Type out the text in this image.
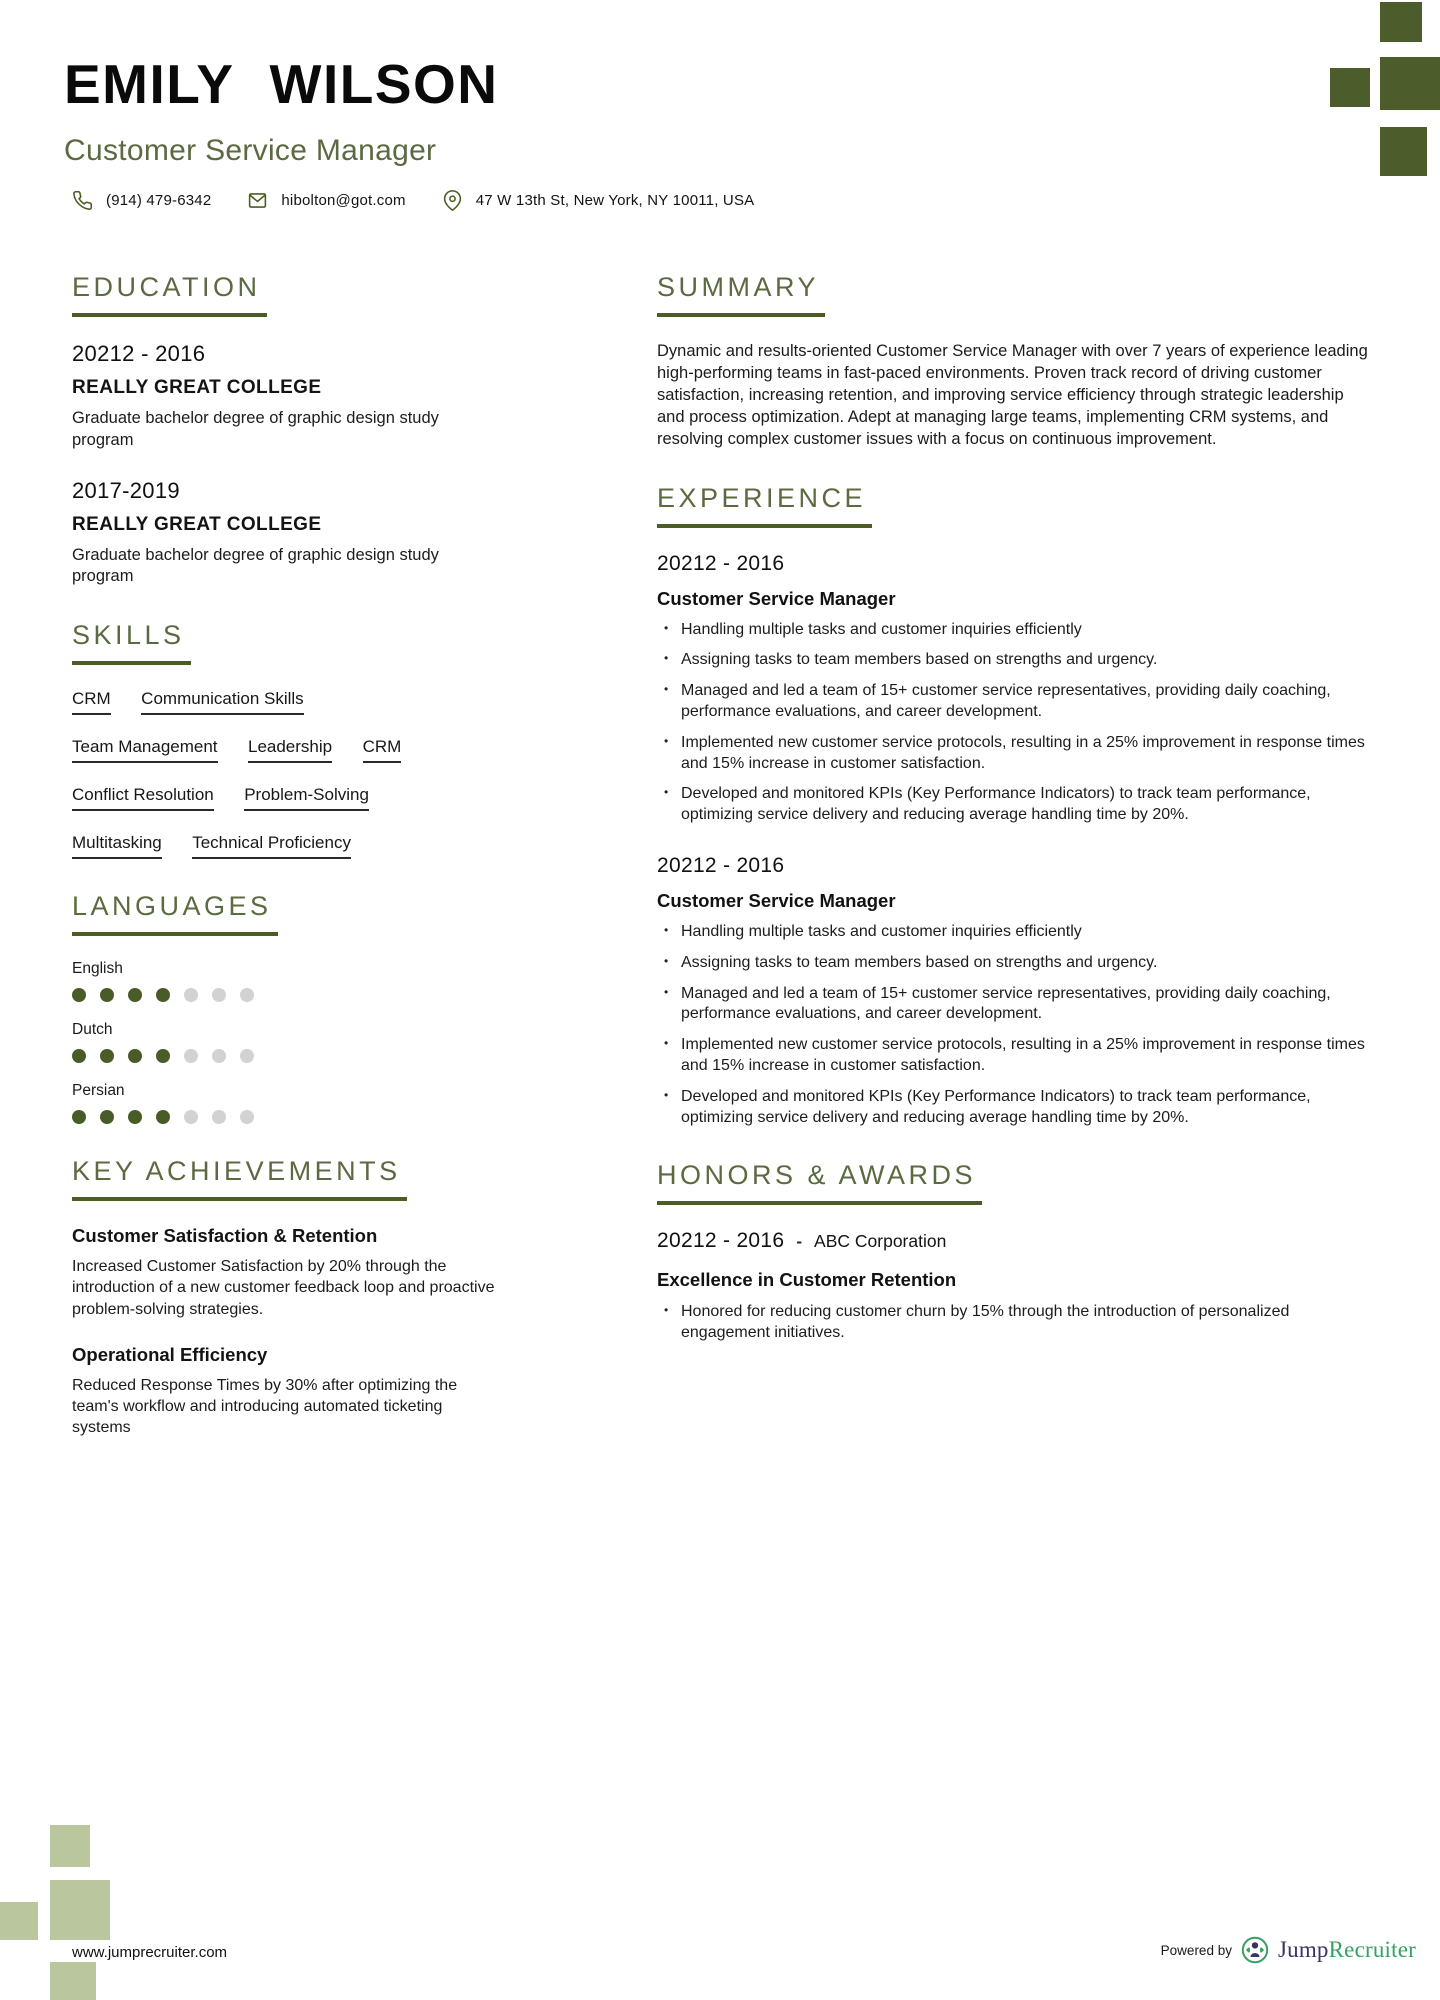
EMILY WILSON
Customer Service Manager
(914) 479-6342	hibolton@got.com	47 W 13th St, New York, NY 10011, USA
EDUCATION
20212 - 2016
REALLY GREAT COLLEGE
Graduate bachelor degree of graphic design study program
2017-2019
REALLY GREAT COLLEGE
Graduate bachelor degree of graphic design study program
SKILLS
CRM Communication Skills
Team Management Leadership CRM
Conflict Resolution Problem-Solving
Multitasking Technical Proficiency
LANGUAGES
English
Dutch
Persian
KEY ACHIEVEMENTS
Customer Satisfaction & Retention
Increased Customer Satisfaction by 20% through the introduction of a new customer feedback loop and proactive problem-solving strategies.
Operational Efficiency
Reduced Response Times by 30% after optimizing the team's workflow and introducing automated ticketing systems
SUMMARY
Dynamic and results-oriented Customer Service Manager with over 7 years of experience leading high-performing teams in fast-paced environments. Proven track record of driving customer satisfaction, increasing retention, and improving service efficiency through strategic leadership and process optimization. Adept at managing large teams, implementing CRM systems, and resolving complex customer issues with a focus on continuous improvement.
EXPERIENCE
20212 - 2016
Customer Service Manager
• Handling multiple tasks and customer inquiries efficiently
• Assigning tasks to team members based on strengths and urgency.
• Managed and led a team of 15+ customer service representatives, providing daily coaching, performance evaluations, and career development.
• Implemented new customer service protocols, resulting in a 25% improvement in response times and 15% increase in customer satisfaction.
• Developed and monitored KPIs (Key Performance Indicators) to track team performance, optimizing service delivery and reducing average handling time by 20%.
20212 - 2016
Customer Service Manager
• Handling multiple tasks and customer inquiries efficiently
• Assigning tasks to team members based on strengths and urgency.
• Managed and led a team of 15+ customer service representatives, providing daily coaching, performance evaluations, and career development.
• Implemented new customer service protocols, resulting in a 25% improvement in response times and 15% increase in customer satisfaction.
• Developed and monitored KPIs (Key Performance Indicators) to track team performance, optimizing service delivery and reducing average handling time by 20%.
HONORS & AWARDS
20212 - 2016 - ABC Corporation
Excellence in Customer Retention
• Honored for reducing customer churn by 15% through the introduction of personalized engagement initiatives.
www.jumprecruiter.com	Powered by JumpRecruiter
